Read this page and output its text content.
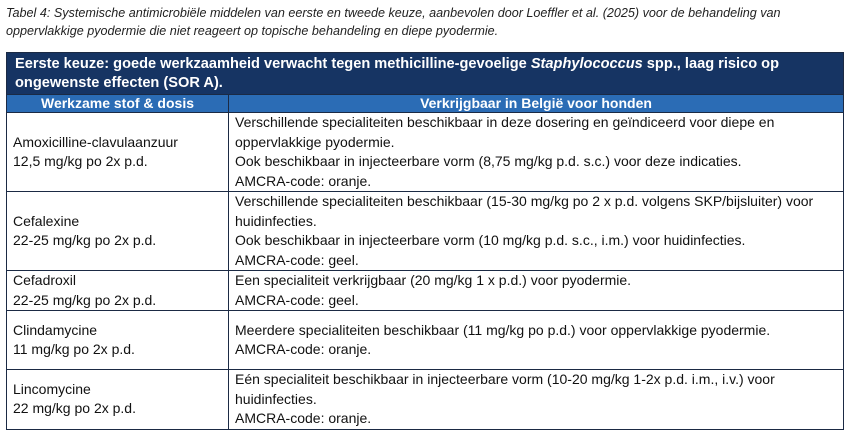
Tabel 4: Systemische antimicrobiële middelen van eerste en tweede keuze, aanbevolen door Loeffler et al. (2025) voor de behandeling van oppervlakkige pyodermie die niet reageert op topische behandeling en diepe pyodermie.
Eerste keuze: goede werkzaamheid verwacht tegen methicilline-gevoelige Staphylococcus spp., laag risico op ongewenste effecten (SOR A).	
Werkzame stof & dosis	Verkrijgbaar in België voor honden

Amoxicilline-clavulaanzuur
12,5 mg/kg po 2x p.d.	Verschillende specialiteiten beschikbaar in deze dosering en geïndiceerd voor diepe en oppervlakkige pyodermie.
Ook beschikbaar in injecteerbare vorm (8,75 mg/kg p.d. s.c.) voor deze indicaties.
AMCRA-code: oranje.

Cefalexine
22-25 mg/kg po 2x p.d.	Verschillende specialiteiten beschikbaar (15-30 mg/kg po 2 x p.d. volgens SKP/bijsluiter) voor huidinfecties.
Ook beschikbaar in injecteerbare vorm (10 mg/kg p.d. s.c., i.m.) voor huidinfecties.
AMCRA-code: geel.

Cefadroxil
22-25 mg/kg po 2x p.d.	Een specialiteit verkrijgbaar (20 mg/kg 1 x p.d.) voor pyodermie.
AMCRA-code: geel.

Clindamycine
11 mg/kg po 2x p.d.	Meerdere specialiteiten beschikbaar (11 mg/kg po p.d.) voor oppervlakkige pyodermie.
AMCRA-code: oranje.

Lincomycine
22 mg/kg po 2x p.d.	Eén specialiteit beschikbaar in injecteerbare vorm (10-20 mg/kg 1-2x p.d. i.m., i.v.) voor huidinfecties.
AMCRA-code: oranje.
